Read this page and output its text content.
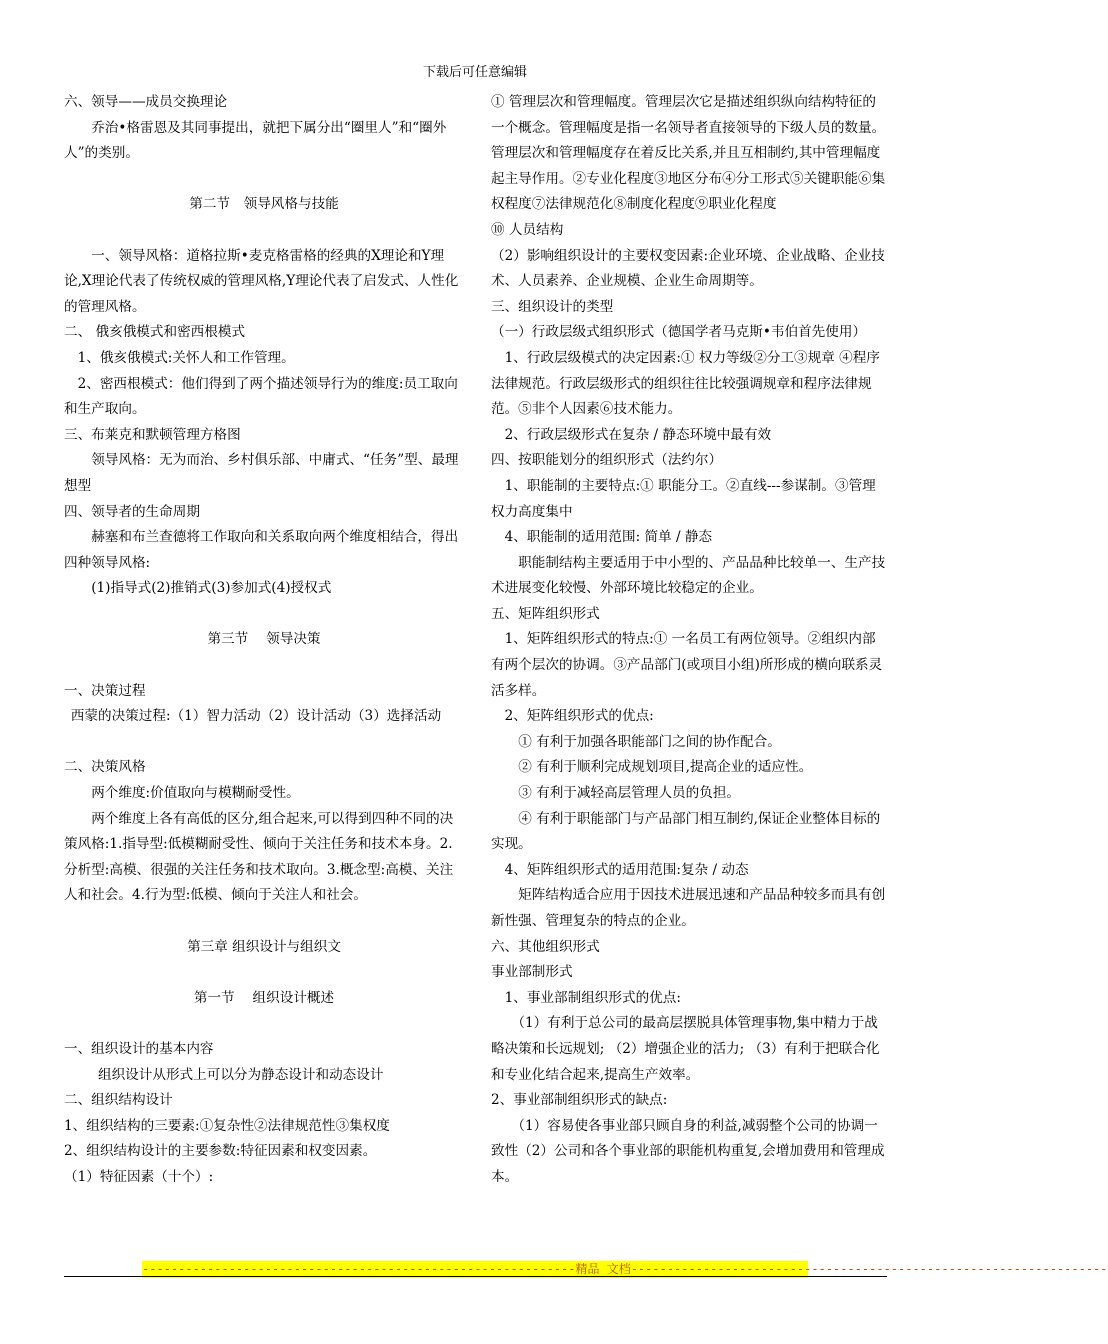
下载后可任意编辑

六、领导——成员交换理论

乔治•格雷恩及其同事提出，就把下属分出“圈里人”和“圈外人”的类别。

第二节　领导风格与技能

一、领导风格：道格拉斯•麦克格雷格的经典的X理论和Y理论,X理论代表了传统权威的管理风格,Y理论代表了启发式、人性化的管理风格。

二、 俄亥俄模式和密西根模式

1、俄亥俄模式:关怀人和工作管理。

2、密西根模式：他们得到了两个描述领导行为的维度:员工取向和生产取向。

三、布莱克和默顿管理方格图

领导风格：无为而治、乡村俱乐部、中庸式、“任务”型、最理想型

四、领导者的生命周期

赫塞和布兰查德将工作取向和关系取向两个维度相结合，得出四种领导风格:

(1)指导式(2)推销式(3)参加式(4)授权式

第三节　 领导决策

一、决策过程

西蒙的决策过程:（1）智力活动（2）设计活动（3）选择活动

二、决策风格

两个维度:价值取向与模糊耐受性。

两个维度上各有高低的区分,组合起来,可以得到四种不同的决策风格:1.指导型:低模糊耐受性、倾向于关注任务和技术本身。2.分析型:高模、很强的关注任务和技术取向。3.概念型:高模、关注人和社会。4.行为型:低模、倾向于关注人和社会。

第三章 组织设计与组织文

第一节　 组织设计概述

一、组织设计的基本内容

组织设计从形式上可以分为静态设计和动态设计

二、组织结构设计

1、组织结构的三要素:①复杂性②法律规范性③集权度

2、组织结构设计的主要参数:特征因素和权变因素。

（1）特征因素（十个）:

① 管理层次和管理幅度。管理层次它是描述组织纵向结构特征的一个概念。管理幅度是指一名领导者直接领导的下级人员的数量。管理层次和管理幅度存在着反比关系,并且互相制约,其中管理幅度起主导作用。②专业化程度③地区分布④分工形式⑤关键职能⑥集权程度⑦法律规范化⑧制度化程度⑨职业化程度

⑩ 人员结构

（2）影响组织设计的主要权变因素:企业环境、企业战略、企业技术、人员素养、企业规模、企业生命周期等。

三、组织设计的类型

（一）行政层级式组织形式（德国学者马克斯•韦伯首先使用）

1、行政层级模式的决定因素:① 权力等级②分工③规章 ④程序法律规范。行政层级形式的组织往往比较强调规章和程序法律规范。⑤非个人因素⑥技术能力。

2、行政层级形式在复杂 / 静态环境中最有效

四、按职能划分的组织形式（法约尔）

1、职能制的主要特点:① 职能分工。②直线---参谋制。③管理权力高度集中

4、职能制的适用范围: 简单 / 静态

职能制结构主要适用于中小型的、产品品种比较单一、生产技术进展变化较慢、外部环境比较稳定的企业。

五、矩阵组织形式

1、矩阵组织形式的特点:① 一名员工有两位领导。②组织内部有两个层次的协调。③产品部门(或项目小组)所形成的横向联系灵活多样。

2、矩阵组织形式的优点:

① 有利于加强各职能部门之间的协作配合。

② 有利于顺利完成规划项目,提高企业的适应性。

③ 有利于减轻高层管理人员的负担。

④ 有利于职能部门与产品部门相互制约,保证企业整体目标的实现。

4、矩阵组织形式的适用范围:复杂 / 动态

矩阵结构适合应用于因技术进展迅速和产品品种较多而具有创新性强、管理复杂的特点的企业。

六、其他组织形式

事业部制形式

1、事业部制组织形式的优点:

（1）有利于总公司的最高层摆脱具体管理事物,集中精力于战略决策和长远规划; （2）增强企业的活力; （3）有利于把联合化和专业化结合起来,提高生产效率。

2、事业部制组织形式的缺点:

（1）容易使各事业部只顾自身的利益,减弱整个公司的协调一致性（2）公司和各个事业部的职能机构重复,会增加费用和管理成本。

------------------------------------------------------------精品 文档------------------------------------------------------------------
